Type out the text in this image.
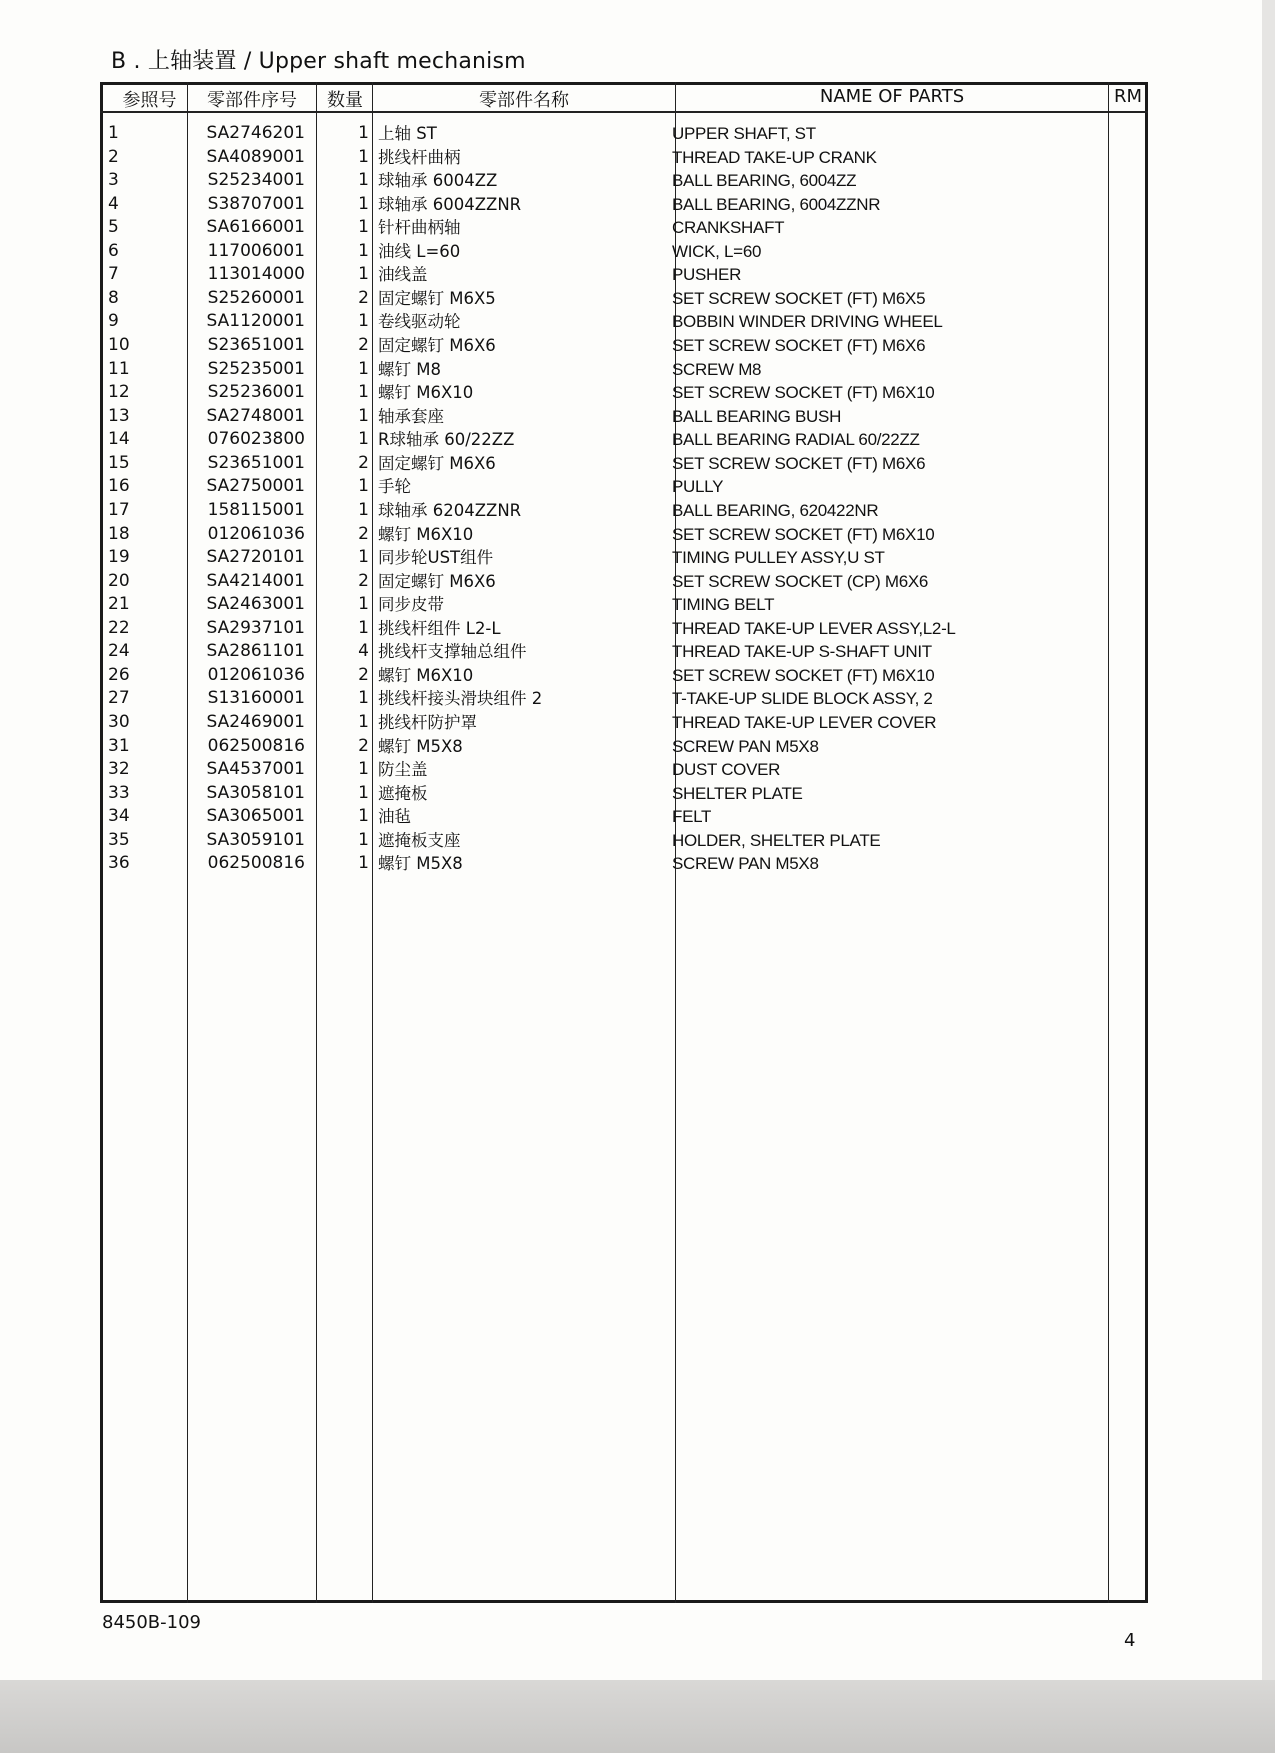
B . 上轴装置 / Upper shaft mechanism
参照号	零部件序号	数量	零部件名称	NAME OF PARTS	RM
1	SA2746201	1 上轴 ST	UPPER SHAFT, ST
2	SA4089001	1 挑线杆曲柄	THREAD TAKE-UP CRANK
3	S25234001	1 球轴承 6004ZZ	BALL BEARING, 6004ZZ
4	S38707001	1 球轴承 6004ZZNR	BALL BEARING, 6004ZZNR
5	SA6166001	1 针杆曲柄轴	CRANKSHAFT
6	117006001	1 油线 L=60	WICK, L=60
7	113014000	1 油线盖	PUSHER
8	S25260001	2 固定螺钉 M6X5	SET SCREW SOCKET (FT) M6X5
9	SA1120001	1 卷线驱动轮	BOBBIN WINDER DRIVING WHEEL
10	S23651001	2 固定螺钉 M6X6	SET SCREW SOCKET (FT) M6X6
11	S25235001	1 螺钉 M8	SCREW M8
12	S25236001	1 螺钉 M6X10	SET SCREW SOCKET (FT) M6X10
13	SA2748001	1 轴承套座	BALL BEARING BUSH
14	076023800	1 R球轴承 60/22ZZ	BALL BEARING RADIAL 60/22ZZ
15	S23651001	2 固定螺钉 M6X6	SET SCREW SOCKET (FT) M6X6
16	SA2750001	1 手轮	PULLY
17	158115001	1 球轴承 6204ZZNR	BALL BEARING, 620422NR
18	012061036	2 螺钉 M6X10	SET SCREW SOCKET (FT) M6X10
19	SA2720101	1 同步轮UST组件	TIMING PULLEY ASSY,U ST
20	SA4214001	2 固定螺钉 M6X6	SET SCREW SOCKET (CP) M6X6
21	SA2463001	1 同步皮带	TIMING BELT
22	SA2937101	1 挑线杆组件 L2-L	THREAD TAKE-UP LEVER ASSY,L2-L
24	SA2861101	4 挑线杆支撑轴总组件	THREAD TAKE-UP S-SHAFT UNIT
26	012061036	2 螺钉 M6X10	SET SCREW SOCKET (FT) M6X10
27	S13160001	1 挑线杆接头滑块组件 2	T-TAKE-UP SLIDE BLOCK ASSY, 2
30	SA2469001	1 挑线杆防护罩	THREAD TAKE-UP LEVER COVER
31	062500816	2 螺钉 M5X8	SCREW PAN M5X8
32	SA4537001	1 防尘盖	DUST COVER
33	SA3058101	1 遮掩板	SHELTER PLATE
34	SA3065001	1 油毡	FELT
35	SA3059101	1 遮掩板支座	HOLDER, SHELTER PLATE
36	062500816	1 螺钉 M5X8	SCREW PAN M5X8
8450B-109
4
